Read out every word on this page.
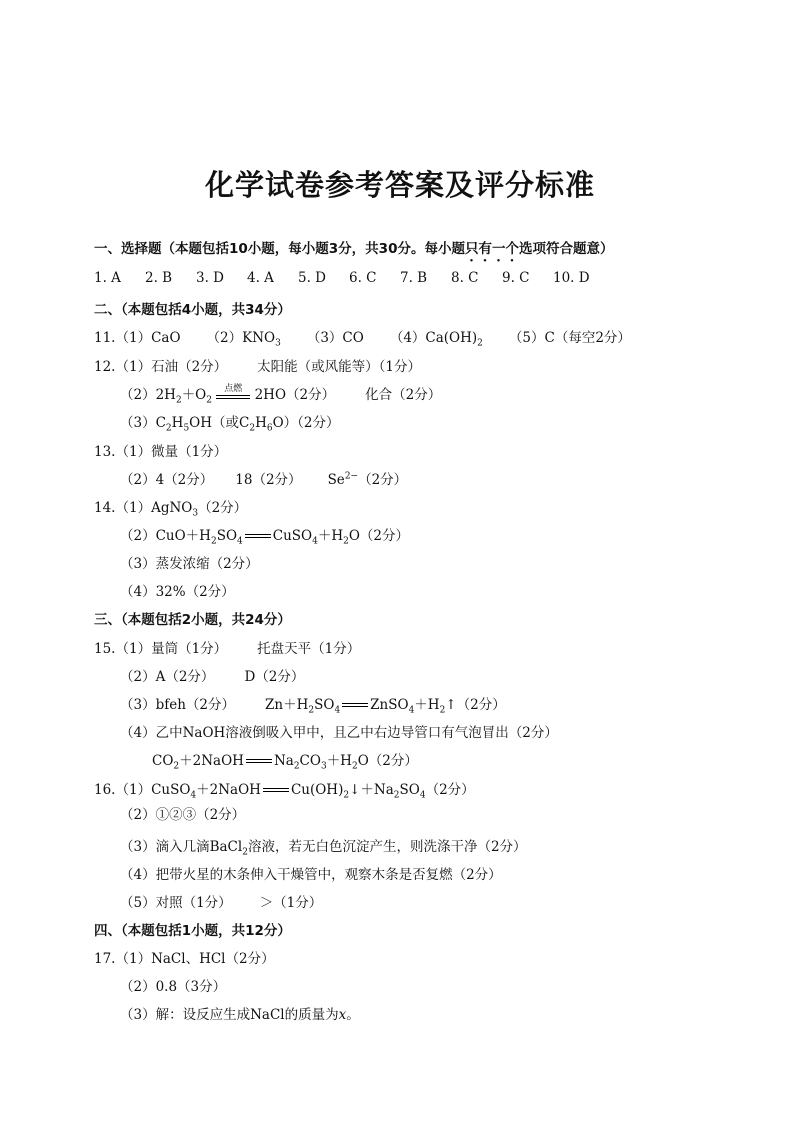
化学试卷参考答案及评分标准
一、选择题（本题包括10小题，每小题3分，共30分。每小题只有一个选项符合题意）
1. A 2. B 3. D 4. A 5. D 6. C 7. B 8. C 9. C 10. D
二、（本题包括4小题，共34分）
11.（1）CaO $(2)KNO_3$ （3）CO $(4)Ca(OH)_2$ （5）C（每空2分）
12.（1）石油（2分） 太阳能（或风能等）（1分）
$(2)2H_2+O_2$
点燃 2HO（2分） 化合（2分）
$(3)C_2H_5OH$（或$C_2H_6O)(2$分）
13.（1）微量（1分）
（2）4（2分） 18（2分） $Se^{2-}(2$分）
14.（1）AgNO$_3$（2分）
$(2)CuO+H_2SO_4$ $CuSO_4+H_2O(2$分）
（3）蒸发浓缩（2分）
（4）32%（2分）
三、（本题包括2小题，共24分）
15.（1）量筒（1分） 托盘天平（1分）
（2）A（2分） D（2分）
（3）bfeh（2分） $Zn+H_2SO_4$ $ZnSO_4+H_2↑(2$分）
（4）乙中NaOH溶液倒吸入甲中，且乙中右边导管口有气泡冒出（2分）
$CO_2+2NaOH$ $Na_2CO_3+H_2O(2$分）
16.（1）CuSO$_4$＋2NaOH $Cu(OH)_2↓+Na_2SO_4(2$分）
（2）①②③（2分）
（3）滴入几滴BaCl$_2$溶液，若无白色沉淀产生，则洗涤干净（2分）
（4）把带火星的木条伸入干燥管中，观察木条是否复燃（2分）
（5）对照（1分） ＞（1分）
四、（本题包括1小题，共12分）
17.（1）NaCl、HCl（2分）
（2）0.8（3分）
（3）解：设反应生成NaCl的质量为x。
